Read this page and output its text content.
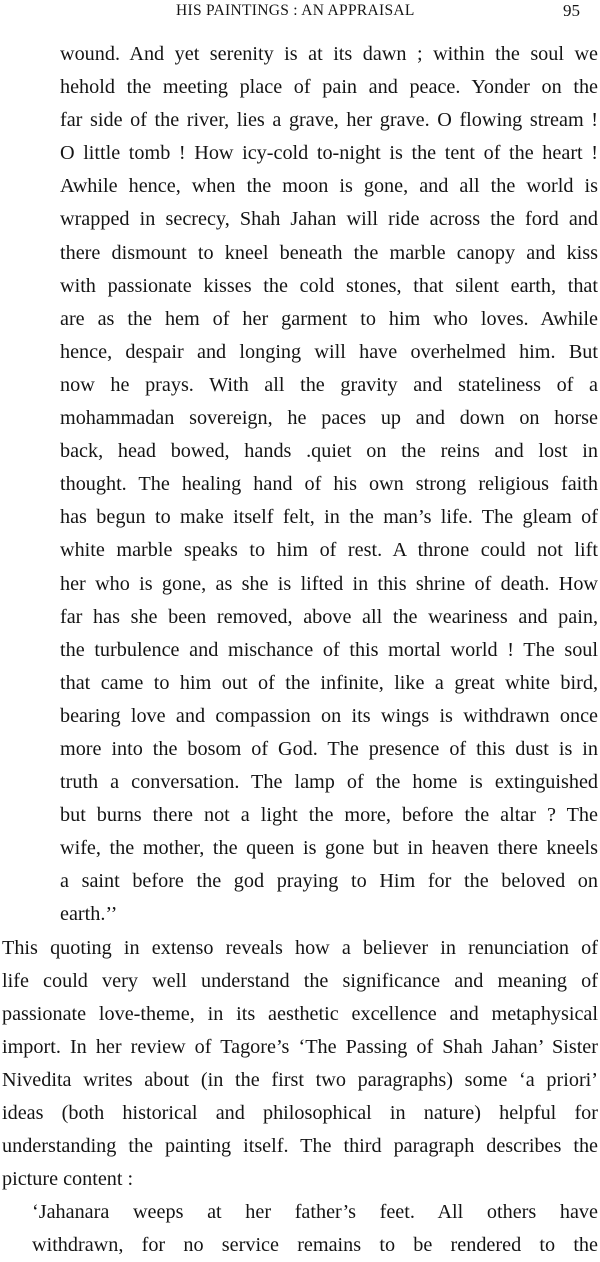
HIS PAINTINGS : AN APPRAISAL	95
wound. And yet serenity is at its dawn ; within the soul we
hehold the meeting place of pain and peace. Yonder on the
far side of the river, lies a grave, her grave. O flowing stream !
O little tomb ! How icy-cold to-night is the tent of the heart !
Awhile hence, when the moon is gone, and all the world is
wrapped in secrecy, Shah Jahan will ride across the ford and
there dismount to kneel beneath the marble canopy and kiss
with passionate kisses the cold stones, that silent earth, that
are as the hem of her garment to him who loves. Awhile
hence, despair and longing will have overhelmed him. But
now he prays. With all the gravity and stateliness of a
mohammadan sovereign, he paces up and down on horse
back, head bowed, hands .quiet on the reins and lost in
thought. The healing hand of his own strong religious faith
has begun to make itself felt, in the man’s life. The gleam of
white marble speaks to him of rest. A throne could not lift
her who is gone, as she is lifted in this shrine of death. How
far has she been removed, above all the weariness and pain,
the turbulence and mischance of this mortal world ! The soul
that came to him out of the infinite, like a great white bird,
bearing love and compassion on its wings is withdrawn once
more into the bosom of God. The presence of this dust is in
truth a conversation. The lamp of the home is extinguished
but burns there not a light the more, before the altar ? The
wife, the mother, the queen is gone but in heaven there kneels
a saint before the god praying to Him for the beloved on
earth.’’
This quoting in extenso reveals how a believer in renunciation of
life could very well understand the significance and meaning of
passionate love-theme, in its aesthetic excellence and metaphysical
import. In her review of Tagore’s ‘The Passing of Shah Jahan’ Sister
Nivedita writes about (in the first two paragraphs) some ‘a priori’
ideas (both historical and philosophical in nature) helpful for
understanding the painting itself. The third paragraph describes the
picture content :
‘Jahanara weeps at her father’s feet. All others have
withdrawn, for no service remains to be rendered to the
